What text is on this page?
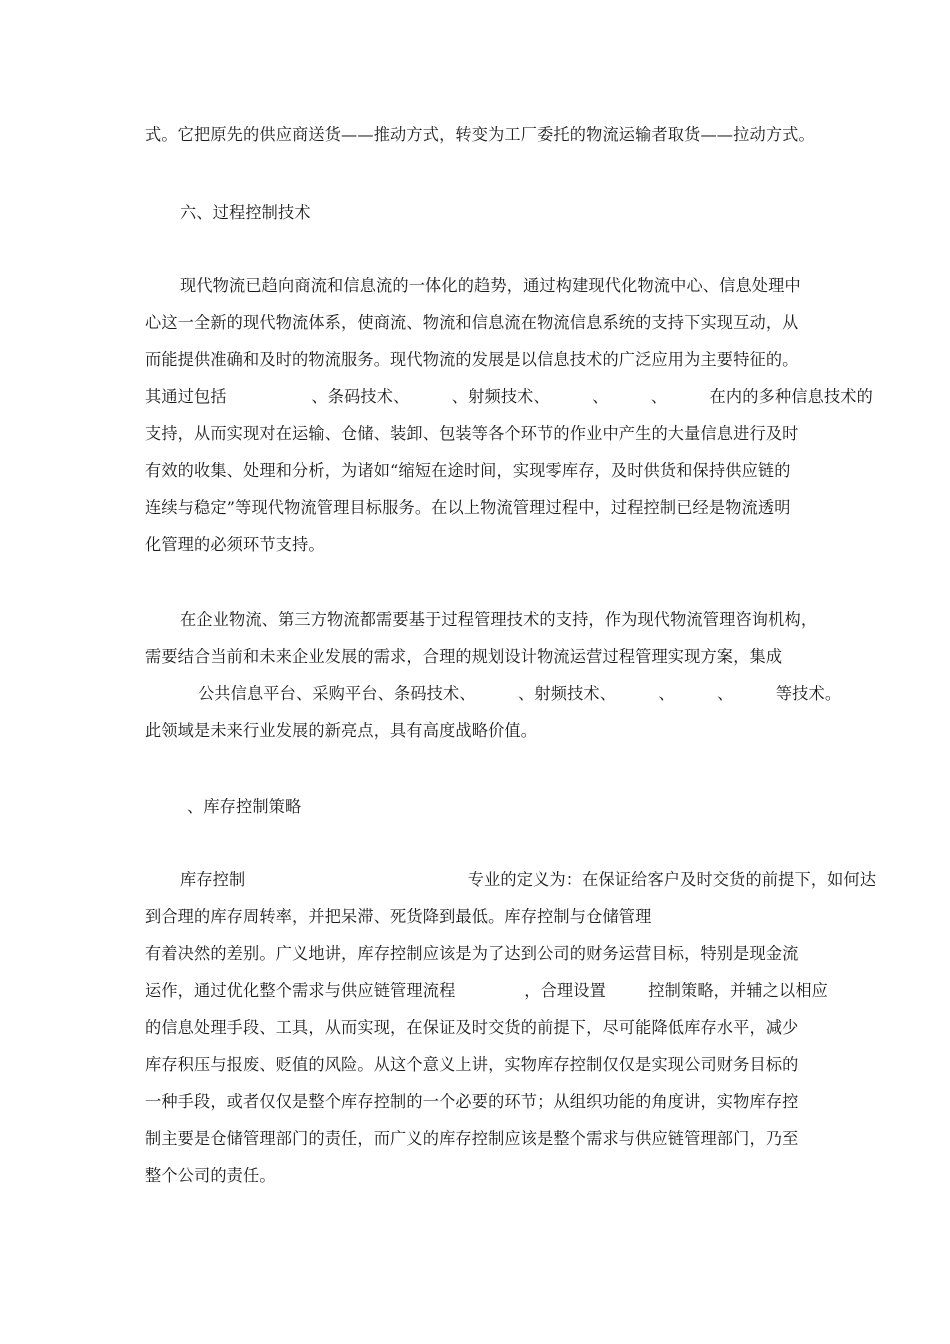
式。它把原先的供应商送货——推动方式，转变为工厂委托的物流运输者取货——拉动方式。
六、过程控制技术
现代物流已趋向商流和信息流的一体化的趋势，通过构建现代化物流中心、信息处理中
心这一全新的现代物流体系，使商流、物流和信息流在物流信息系统的支持下实现互动，从
而能提供准确和及时的物流服务。现代物流的发展是以信息技术的广泛应用为主要特征的。
其通过包括                、条码技术、        、射频技术、        、        、        在内的多种信息技术的
支持，从而实现对在运输、仓储、装卸、包装等各个环节的作业中产生的大量信息进行及时
有效的收集、处理和分析，为诸如“缩短在途时间，实现零库存，及时供货和保持供应链的
连续与稳定”等现代物流管理目标服务。在以上物流管理过程中，过程控制已经是物流透明
化管理的必须环节支持。
在企业物流、第三方物流都需要基于过程管理技术的支持，作为现代物流管理咨询机构，
需要结合当前和未来企业发展的需求，合理的规划设计物流运营过程管理实现方案，集成
公共信息平台、采购平台、条码技术、        、射频技术、        、        、        等技术。
此领域是未来行业发展的新亮点，具有高度战略价值。
、库存控制策略
库存控制                                          专业的定义为：在保证给客户及时交货的前提下，如何达
到合理的库存周转率，并把呆滞、死货降到最低。库存控制与仓储管理
有着决然的差别。广义地讲，库存控制应该是为了达到公司的财务运营目标，特别是现金流
运作，通过优化整个需求与供应链管理流程             ，合理设置        控制策略，并辅之以相应
的信息处理手段、工具，从而实现，在保证及时交货的前提下，尽可能降低库存水平，减少
库存积压与报废、贬值的风险。从这个意义上讲，实物库存控制仅仅是实现公司财务目标的
一种手段，或者仅仅是整个库存控制的一个必要的环节；从组织功能的角度讲，实物库存控
制主要是仓储管理部门的责任，而广义的库存控制应该是整个需求与供应链管理部门，乃至
整个公司的责任。
